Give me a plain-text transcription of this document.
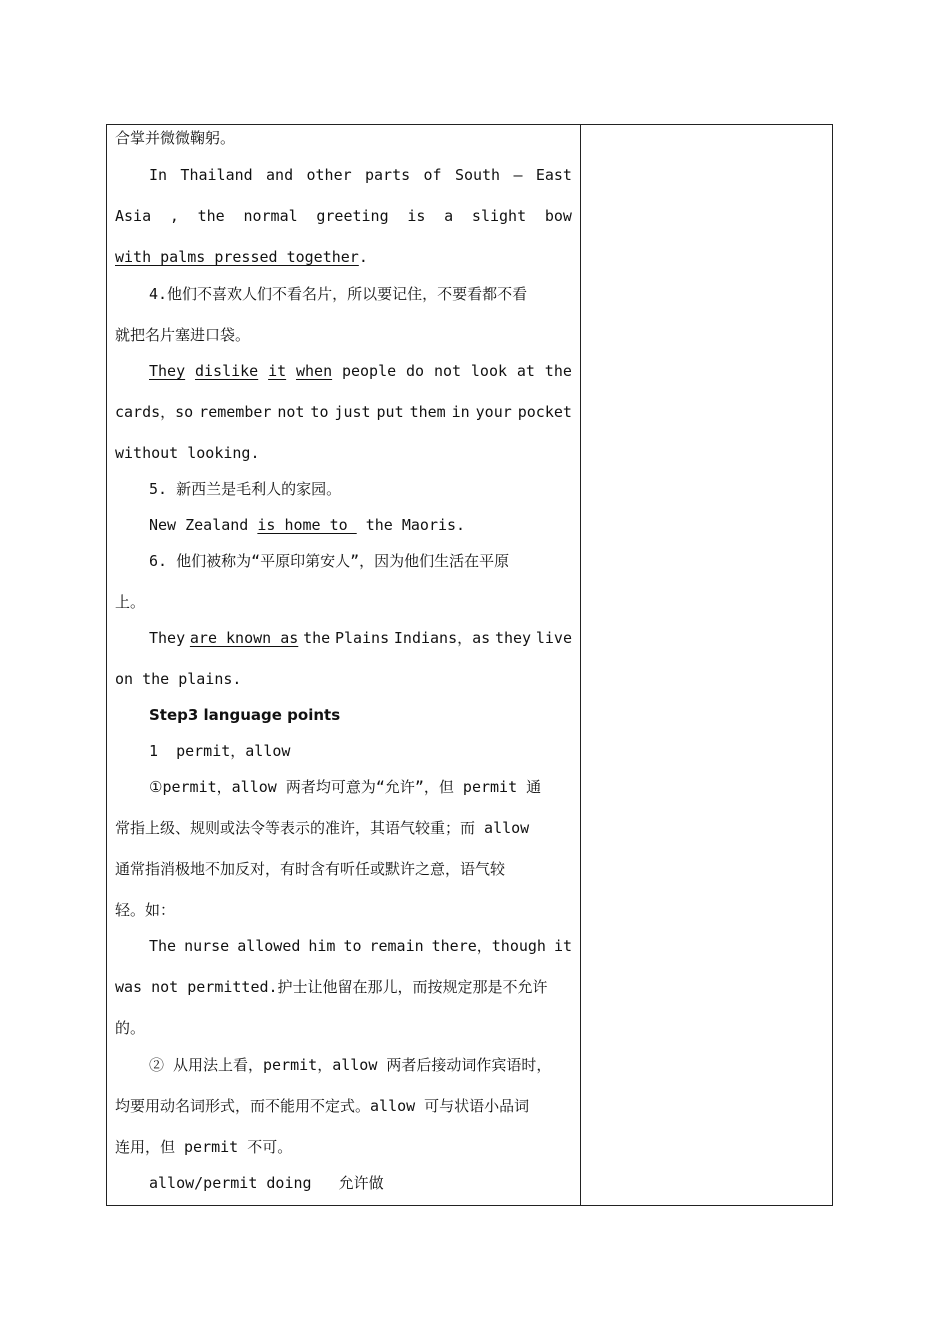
合掌并微微鞠躬。
In Thailand and other parts of South — East
Asia , the normal greeting is a slight bow
with palms pressed together.
4.他们不喜欢人们不看名片，所以要记住，不要看都不看
就把名片塞进口袋。
They dislike it when people do not look at the
cards，so remember not to just put them in your pocket
without looking.
5. 新西兰是毛利人的家园。
New Zealand is home to  the Maoris.
6. 他们被称为“平原印第安人”，因为他们生活在平原
上。
They are known as the Plains Indians，as they live
on the plains.
Step3 language points
1  permit，allow
①permit，allow 两者均可意为“允许”，但 permit 通
常指上级、规则或法令等表示的准许，其语气较重；而 allow
通常指消极地不加反对，有时含有听任或默许之意，语气较
轻。如：
The nurse allowed him to remain there，though it
was not permitted.护士让他留在那儿，而按规定那是不允许
的。
② 从用法上看，permit，allow 两者后接动词作宾语时，
均要用动名词形式，而不能用不定式。allow 可与状语小品词
连用，但 permit 不可。
allow/permit doing   允许做
